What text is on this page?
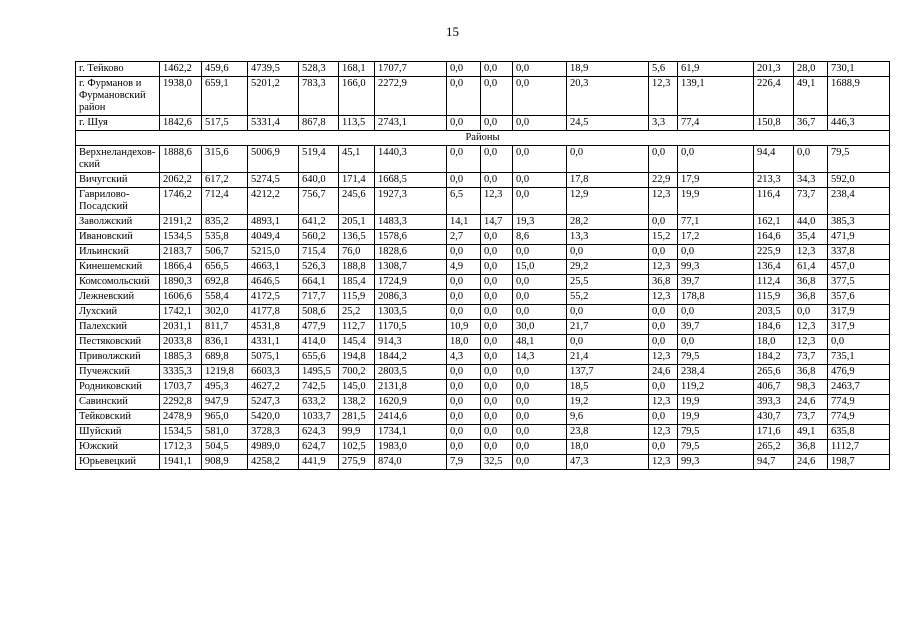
15
г. Тейково	1462,2	459,6	4739,5	528,3	168,1	1707,7	0,0	0,0	0,0	18,9	5,6	61,9	201,3	28,0	730,1
г. Фурманов и Фурмановский район	1938,0	659,1	5201,2	783,3	166,0	2272,9	0,0	0,0	0,0	20,3	12,3	139,1	226,4	49,1	1688,9
г. Шуя	1842,6	517,5	5331,4	867,8	113,5	2743,1	0,0	0,0	0,0	24,5	3,3	77,4	150,8	36,7	446,3
Районы															
Верхнеландеховский	1888,6	315,6	5006,9	519,4	45,1	1440,3	0,0	0,0	0,0	0,0	0,0	0,0	94,4	0,0	79,5
Вичугский	2062,2	617,2	5274,5	640,0	171,4	1668,5	0,0	0,0	0,0	17,8	22,9	17,9	213,3	34,3	592,0
Гаврилово-Посадский	1746,2	712,4	4212,2	756,7	245,6	1927,3	6,5	12,3	0,0	12,9	12,3	19,9	116,4	73,7	238,4
Заволжский	2191,2	835,2	4893,1	641,2	205,1	1483,3	14,1	14,7	19,3	28,2	0,0	77,1	162,1	44,0	385,3
Ивановский	1534,5	535,8	4049,4	560,2	136,5	1578,6	2,7	0,0	8,6	13,3	15,2	17,2	164,6	35,4	471,9
Ильинский	2183,7	506,7	5215,0	715,4	76,0	1828,6	0,0	0,0	0,0	0,0	0,0	0,0	225,9	12,3	337,8
Кинешемский	1866,4	656,5	4663,1	526,3	188,8	1308,7	4,9	0,0	15,0	29,2	12,3	99,3	136,4	61,4	457,0
Комсомольский	1890,3	692,8	4646,5	664,1	185,4	1724,9	0,0	0,0	0,0	25,5	36,8	39,7	112,4	36,8	377,5
Лежневский	1606,6	558,4	4172,5	717,7	115,9	2086,3	0,0	0,0	0,0	55,2	12,3	178,8	115,9	36,8	357,6
Лухский	1742,1	302,0	4177,8	508,6	25,2	1303,5	0,0	0,0	0,0	0,0	0,0	0,0	203,5	0,0	317,9
Палехский	2031,1	811,7	4531,8	477,9	112,7	1170,5	10,9	0,0	30,0	21,7	0,0	39,7	184,6	12,3	317,9
Пестяковский	2033,8	836,1	4331,1	414,0	145,4	914,3	18,0	0,0	48,1	0,0	0,0	0,0	18,0	12,3	0,0
Приволжский	1885,3	689,8	5075,1	655,6	194,8	1844,2	4,3	0,0	14,3	21,4	12,3	79,5	184,2	73,7	735,1
Пучежский	3335,3	1219,8	6603,3	1495,5	700,2	2803,5	0,0	0,0	0,0	137,7	24,6	238,4	265,6	36,8	476,9
Родниковский	1703,7	495,3	4627,2	742,5	145,0	2131,8	0,0	0,0	0,0	18,5	0,0	119,2	406,7	98,3	2463,7
Савинский	2292,8	947,9	5247,3	633,2	138,2	1620,9	0,0	0,0	0,0	19,2	12,3	19,9	393,3	24,6	774,9
Тейковский	2478,9	965,0	5420,0	1033,7	281,5	2414,6	0,0	0,0	0,0	9,6	0,0	19,9	430,7	73,7	774,9
Шуйский	1534,5	581,0	3728,3	624,3	99,9	1734,1	0,0	0,0	0,0	23,8	12,3	79,5	171,6	49,1	635,8
Южский	1712,3	504,5	4989,0	624,7	102,5	1983,0	0,0	0,0	0,0	18,0	0,0	79,5	265,2	36,8	1112,7
Юрьевецкий	1941,1	908,9	4258,2	441,9	275,9	874,0	7,9	32,5	0,0	47,3	12,3	99,3	94,7	24,6	198,7
